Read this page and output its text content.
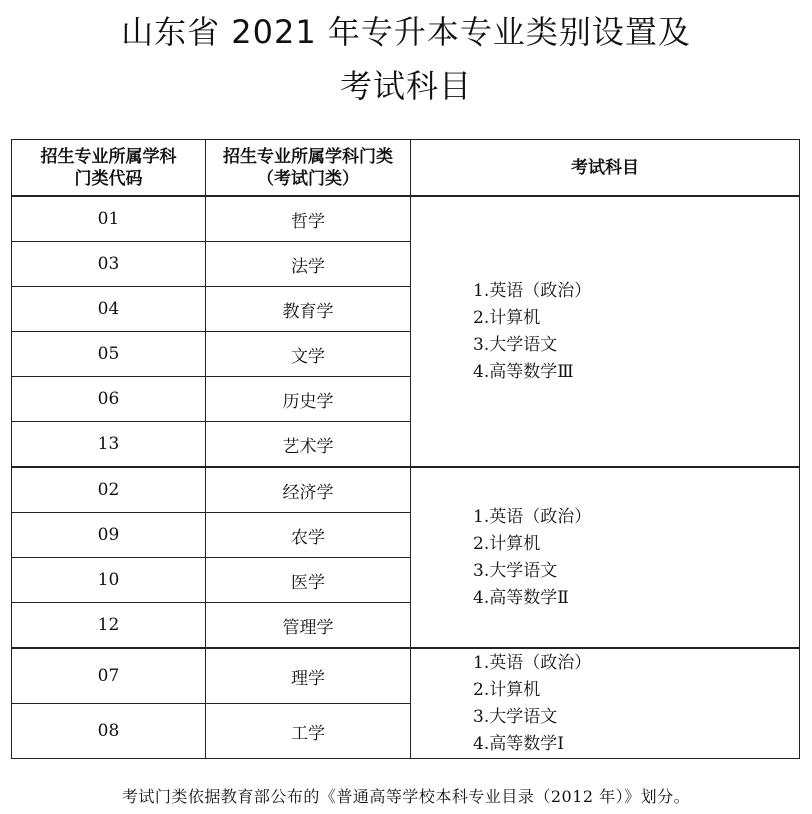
山东省 2021 年专升本专业类别设置及
考试科目
招生专业所属学科门类代码	招生专业所属学科门类（考试门类）	考试科目
01	哲学	1.英语（政治）
2.计算机
3.大学语文
4.高等数学Ⅲ

03	法学	
04	教育学	
05	文学	
06	历史学	
13	艺术学	
02	经济学	1.英语（政治）
2.计算机
3.大学语文
4.高等数学Ⅱ

09	农学	
10	医学	
12	管理学	
07	理学	1.英语（政治）
2.计算机
3.大学语文
4.高等数学Ⅰ

08	工学	
考试门类依据教育部公布的《普通高等学校本科专业目录（2012 年）》划分。
